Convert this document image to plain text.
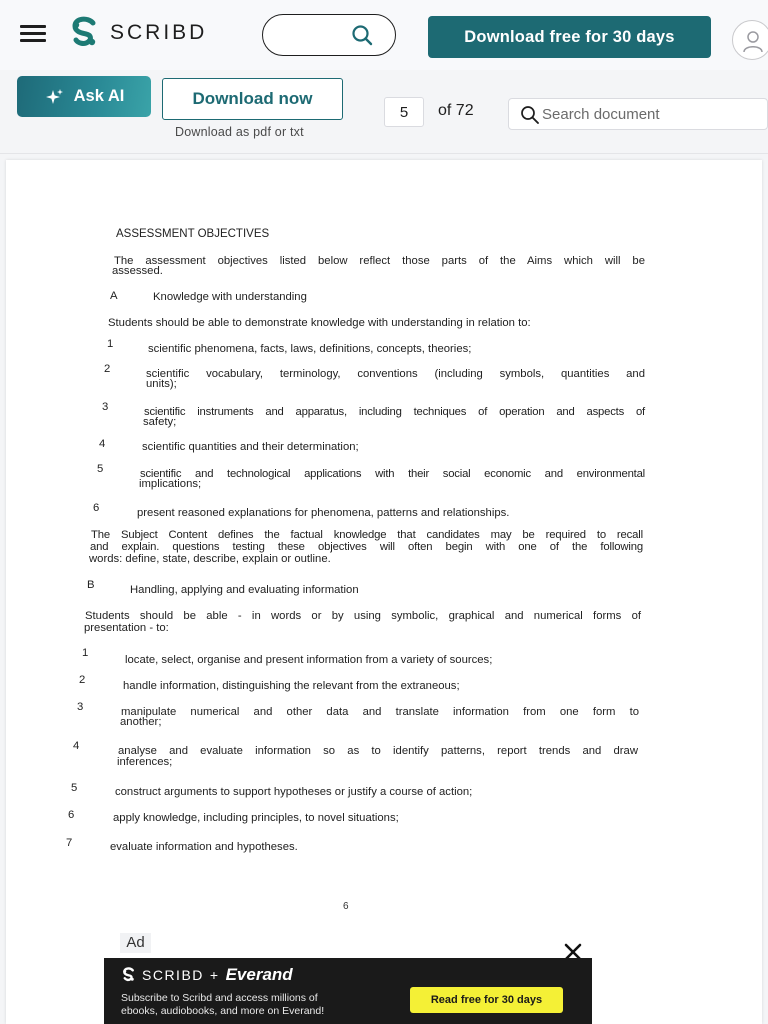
SCRIBD	Download free for 30 days
Ask AI	Download now
Download as pdf or txt
5
of 72
Search document
ASSESSMENT OBJECTIVES
The assessment objectives listed below reflect those parts of the Aims which will be
assessed.
A	Knowledge with understanding
Students should be able to demonstrate knowledge with understanding in relation to:
1	scientific phenomena, facts, laws, definitions, concepts, theories;
2	scientific vocabulary, terminology, conventions (including symbols, quantities and
units);
3	scientific instruments and apparatus, including techniques of operation and aspects of
safety;
4	scientific quantities and their determination;
5	scientific and technological applications with their social economic and environmental
implications;
6	present reasoned explanations for phenomena, patterns and relationships.
The Subject Content defines the factual knowledge that candidates may be required to recall
and explain. questions testing these objectives will often begin with one of the following
words: define, state, describe, explain or outline.
B	Handling, applying and evaluating information
Students should be able - in words or by using symbolic, graphical and numerical forms of
presentation - to:
1
locate, select, organise and present information from a variety of sources;
2	handle information, distinguishing the relevant from the extraneous;
3	manipulate numerical and other data and translate information from one form to
another;
4	analyse and evaluate information so as to identify patterns, report trends and draw
inferences;
5	construct arguments to support hypotheses or justify a course of action;
6	apply knowledge, including principles, to novel situations;
7	evaluate information and hypotheses.
6
Ad
SCRIBD + Everand
Subscribe to Scribd and access millions of
ebooks, audiobooks, and more on Everand!
Read free for 30 days
